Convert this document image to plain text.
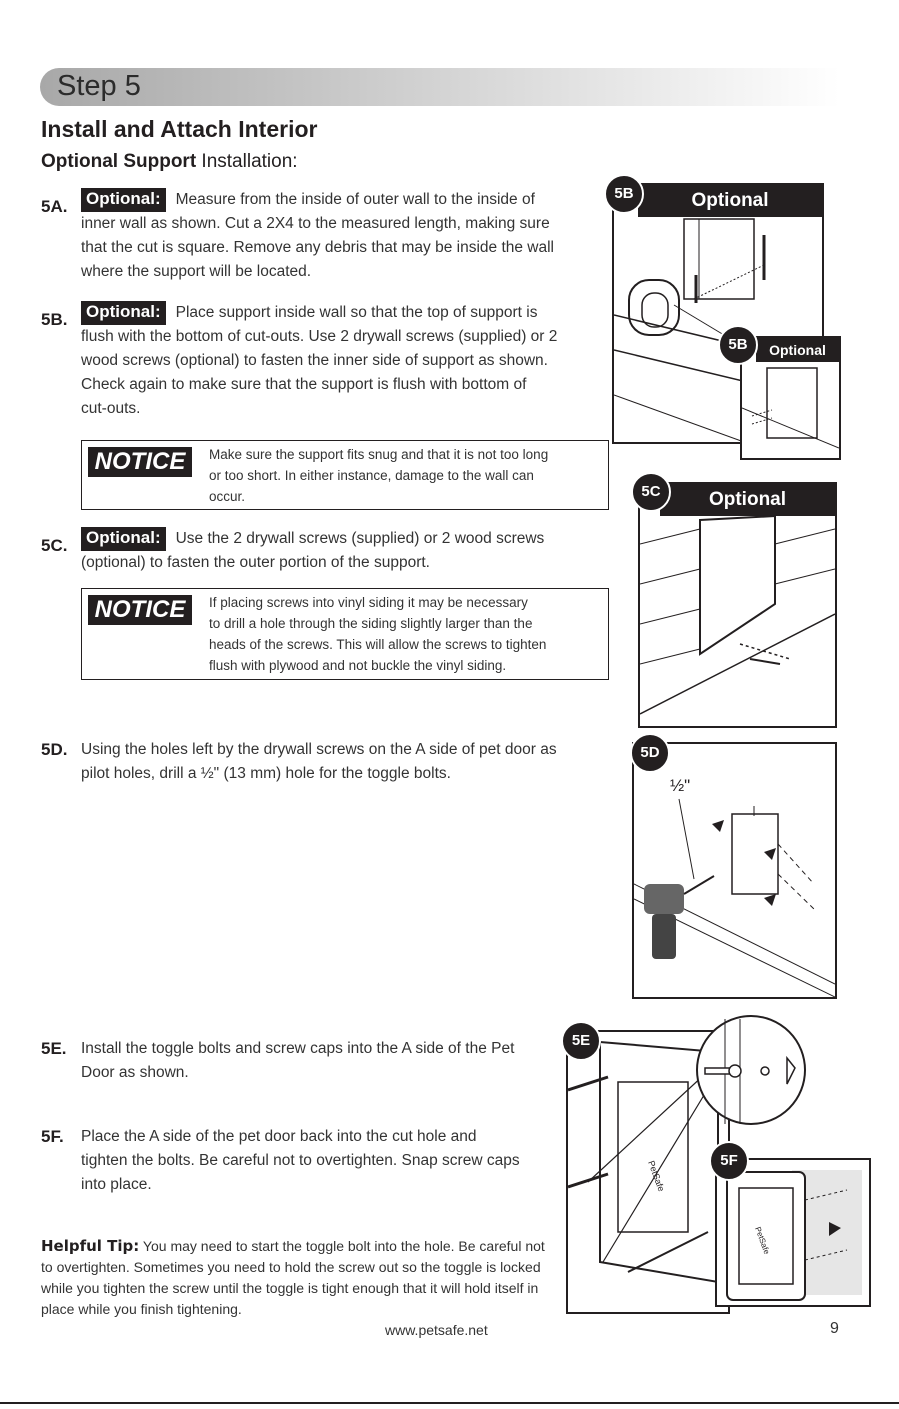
Step 5
Install and Attach Interior
Optional Support Installation:
5A. Optional: Measure from the inside of outer wall to the inside of
inner wall as shown. Cut a 2X4 to the measured length, making sure
that the cut is square. Remove any debris that may be inside the wall
where the support will be located.
5B. Optional: Place support inside wall so that the top of support is
flush with the bottom of cut-outs. Use 2 drywall screws (supplied) or 2
wood screws (optional) to fasten the inner side of support as shown.
Check again to make sure that the support is flush with bottom of
cut-outs.
NOTICE	Make sure the support fits snug and that it is not too long
or too short. In either instance, damage to the wall can
occur.
5C. Optional: Use the 2 drywall screws (supplied) or 2 wood screws
(optional) to fasten the outer portion of the support.
NOTICE	If placing screws into vinyl siding it may be necessary
to drill a hole through the siding slightly larger than the
heads of the screws. This will allow the screws to tighten
flush with plywood and not buckle the vinyl siding.
5D. Using the holes left by the drywall screws on the A side of pet door as
pilot holes, drill a ½" (13 mm) hole for the toggle bolts.
5E. Install the toggle bolts and screw caps into the A side of the Pet
Door as shown.
5F. Place the A side of the pet door back into the cut hole and
tighten the bolts. Be careful not to overtighten. Snap screw caps
into place.
Helpful Tip: You may need to start the toggle bolt into the hole. Be careful not to overtighten. Sometimes you need to hold the screw out so the toggle is locked while you tighten the screw until the toggle is tight enough that it will hold itself in place while you finish tightening.
Optional
5B
Optional
5B
Optional
5C
½"
5D
PetSafe
5E
PetSafe
5F
www.petsafe.net	9
